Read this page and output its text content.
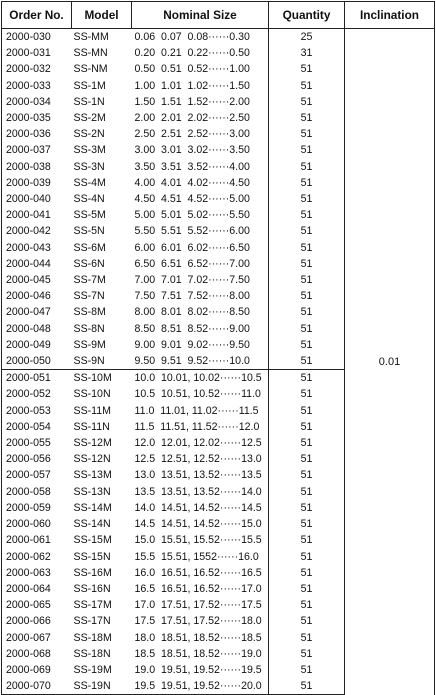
Order No.	Model	Nominal Size	Quantity	Inclination
2000-030	SS-MM	0.06  0.07  0.08······0.30	25	0.01
2000-031	SS-MN	0.20  0.21  0.22······0.50	31	
2000-032	SS-NM	0.50  0.51  0.52······1.00	51	
2000-033	SS-1M	1.00  1.01  1.02······1.50	51	
2000-034	SS-1N	1.50  1.51  1.52······2.00	51	
2000-035	SS-2M	2.00  2.01  2.02······2.50	51	
2000-036	SS-2N	2.50  2.51  2.52······3.00	51	
2000-037	SS-3M	3.00  3.01  3.02······3.50	51	
2000-038	SS-3N	3.50  3.51  3.52······4.00	51	
2000-039	SS-4M	4.00  4.01  4.02······4.50	51	
2000-040	SS-4N	4.50  4.51  4.52······5.00	51	
2000-041	SS-5M	5.00  5.01  5.02······5.50	51	
2000-042	SS-5N	5.50  5.51  5.52······6.00	51	
2000-043	SS-6M	6.00  6.01  6.02······6.50	51	
2000-044	SS-6N	6.50  6.51  6.52······7.00	51	
2000-045	SS-7M	7.00  7.01  7.02······7.50	51	
2000-046	SS-7N	7.50  7.51  7.52······8.00	51	
2000-047	SS-8M	8.00  8.01  8.02······8.50	51	
2000-048	SS-8N	8.50  8.51  8.52······9.00	51	
2000-049	SS-9M	9.00  9.01  9.02······9.50	51	
2000-050	SS-9N	9.50  9.51  9.52······10.0	51	
2000-051	SS-10M	10.0  10.01, 10.02······10.5	51	
2000-052	SS-10N	10.5  10.51, 10.52······11.0	51	
2000-053	SS-11M	11.0  11.01, 11.02······11.5	51	
2000-054	SS-11N	11.5  11.51, 11.52······12.0	51	
2000-055	SS-12M	12.0  12.01, 12.02······12.5	51	
2000-056	SS-12N	12.5  12.51, 12.52······13.0	51	
2000-057	SS-13M	13.0  13.51, 13.52······13.5	51	
2000-058	SS-13N	13.5  13.51, 13.52······14.0	51	
2000-059	SS-14M	14.0  14.51, 14.52······14.5	51	
2000-060	SS-14N	14.5  14.51, 14.52······15.0	51	
2000-061	SS-15M	15.0  15.51, 15.52······15.5	51	
2000-062	SS-15N	15.5  15.51, 1552······16.0	51	
2000-063	SS-16M	16.0  16.51, 16.52······16.5	51	
2000-064	SS-16N	16.5  16.51, 16.52······17.0	51	
2000-065	SS-17M	17.0  17.51, 17.52······17.5	51	
2000-066	SS-17N	17.5  17.51, 17.52······18.0	51	
2000-067	SS-18M	18.0  18.51, 18.52······18.5	51	
2000-068	SS-18N	18.5  18.51, 18.52······19.0	51	
2000-069	SS-19M	19.0  19.51, 19.52······19.5	51	
2000-070	SS-19N	19.5  19.51, 19.52······20.0	51	
